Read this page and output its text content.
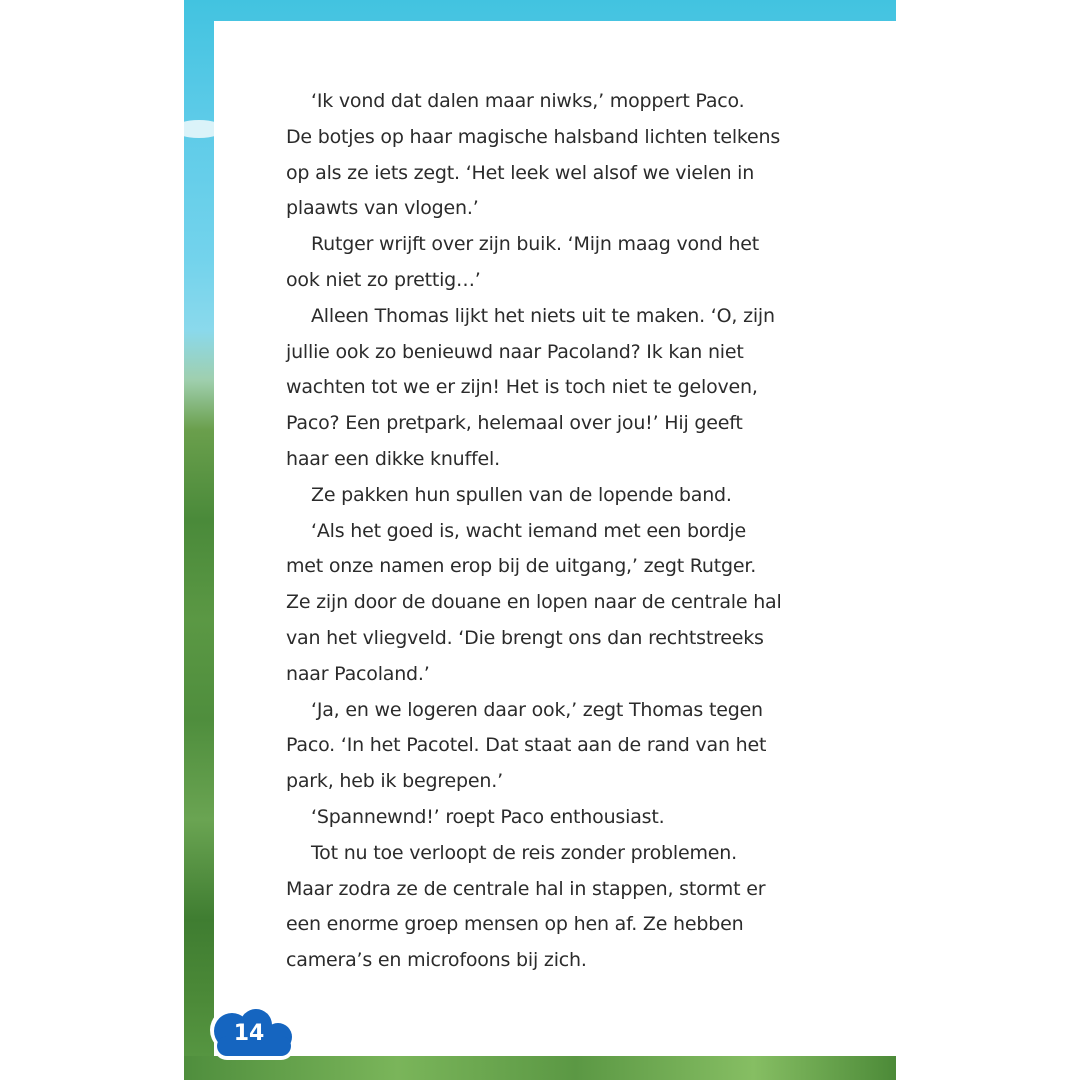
‘Ik vond dat dalen maar niwks,’ moppert Paco.

De botjes op haar magische halsband lichten telkens

op als ze iets zegt. ‘Het leek wel alsof we vielen in

plaawts van vlogen.’

Rutger wrijft over zijn buik. ‘Mijn maag vond het

ook niet zo prettig…’

Alleen Thomas lijkt het niets uit te maken. ‘O, zijn

jullie ook zo benieuwd naar Pacoland? Ik kan niet

wachten tot we er zijn! Het is toch niet te geloven,

Paco? Een pretpark, helemaal over jou!’ Hij geeft

haar een dikke knuffel.

Ze pakken hun spullen van de lopende band.

‘Als het goed is, wacht iemand met een bordje

met onze namen erop bij de uitgang,’ zegt Rutger.

Ze zijn door de douane en lopen naar de centrale hal

van het vliegveld. ‘Die brengt ons dan rechtstreeks

naar Pacoland.’

‘Ja, en we logeren daar ook,’ zegt Thomas tegen

Paco. ‘In het Pacotel. Dat staat aan de rand van het

park, heb ik begrepen.’

‘Spannewnd!’ roept Paco enthousiast.

Tot nu toe verloopt de reis zonder problemen.

Maar zodra ze de centrale hal in stappen, stormt er

een enorme groep mensen op hen af. Ze hebben

camera’s en microfoons bij zich.

14
